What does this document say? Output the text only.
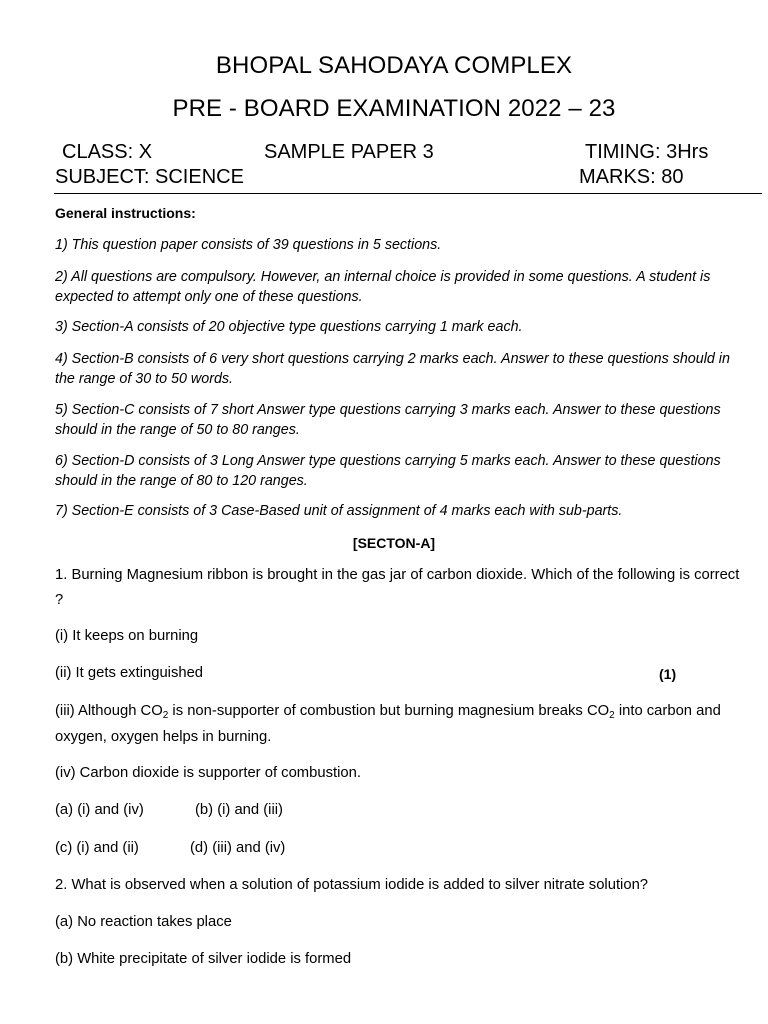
BHOPAL SAHODAYA COMPLEX
PRE - BOARD EXAMINATION 2022 – 23
CLASS: X	SAMPLE PAPER 3	TIMING: 3Hrs
SUBJECT: SCIENCE	MARKS: 80
General instructions:
1) This question paper consists of 39 questions in 5 sections.
2) All questions are compulsory. However, an internal choice is provided in some questions. A student is expected to attempt only one of these questions.
3) Section-A consists of 20 objective type questions carrying 1 mark each.
4) Section-B consists of 6 very short questions carrying 2 marks each. Answer to these questions should in the range of 30 to 50 words.
5) Section-C consists of 7 short Answer type questions carrying 3 marks each. Answer to these questions should in the range of 50 to 80 ranges.
6) Section-D consists of 3 Long Answer type questions carrying 5 marks each. Answer to these questions should in the range of 80 to 120 ranges.
7) Section-E consists of 3 Case-Based unit of assignment of 4 marks each with sub-parts.
[SECTON-A]
1. Burning Magnesium ribbon is brought in the gas jar of carbon dioxide. Which of the following is correct ?
(i) It keeps on burning
(ii) It gets extinguished	(1)
(iii) Although $CO_2$ is non-supporter of combustion but burning magnesium breaks $CO_2$ into carbon and oxygen, oxygen helps in burning.
(iv) Carbon dioxide is supporter of combustion.
(a) (i) and (iv)	(b) (i) and (iii)
(c) (i) and (ii)	(d) (iii) and (iv)
2. What is observed when a solution of potassium iodide is added to silver nitrate solution?
(a) No reaction takes place
(b) White precipitate of silver iodide is formed
